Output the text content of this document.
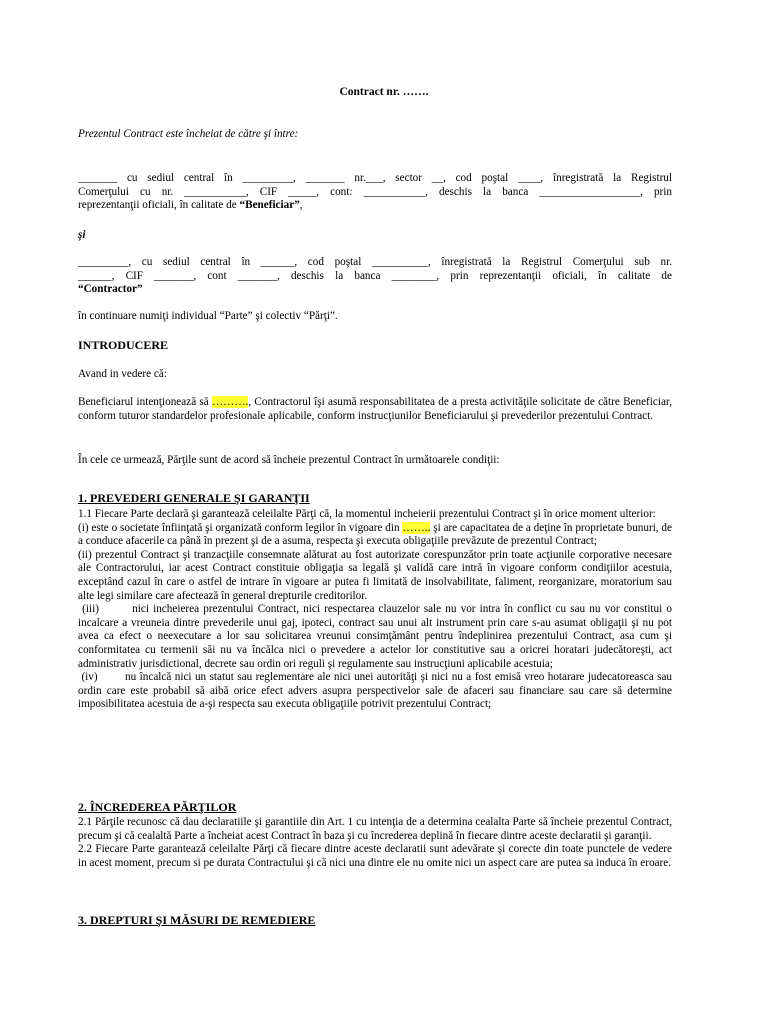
Contract nr. …….

Prezentul Contract este încheiat de către şi între:

_______ cu sediul central în _________, _______ nr.___, sector __, cod poştal ____, înregistrată la Registrul

Comerţului cu nr. ___________, CIF _____, cont: ___________, deschis la banca __________________, prin

reprezentanţii oficiali, în calitate de “Beneficiar”,

şi

_________, cu sediul central în ______, cod poştal __________, înregistrată la Registrul Comerţului sub nr.

______, CIF _______, cont _______, deschis la banca ________, prin reprezentanţii oficiali, în calitate de

“Contractor”

în continuare numiţi individual “Parte” şi colectiv “Părţi”.

INTRODUCERE

Avand in vedere că:

Beneficiarul intenţionează să ………., Contractorul îşi asumă responsabilitatea de a presta activităţile solicitate de către Beneficiar, conform tuturor standardelor profesionale aplicabile, conform instrucţiunilor Beneficiarului şi prevederilor prezentului Contract.

În cele ce urmează, Părţile sunt de acord să încheie prezentul Contract în următoarele condiţii:

1. PREVEDERI GENERALE ŞI GARANŢII

1.1 Fiecare Parte declară şi garantează celeilalte Părţi că, la momentul incheierii prezentului Contract şi în orice moment ulterior:

(i) este o societate înfiinţată şi organizată conform legilor în vigoare din …….. şi are capacitatea de a deţine în proprietate bunuri, de a conduce afacerile ca până în prezent şi de a asuma, respecta şi executa obligaţiile prevăzute de prezentul Contract;

(ii) prezentul Contract şi tranzacţiile consemnate alăturat au fost autorizate corespunzător prin toate acţiunile corporative necesare ale Contractorului, iar acest Contract constituie obligaţia sa legală şi validă care intră în vigoare conform condiţiilor acestuia, exceptând cazul în care o astfel de intrare în vigoare ar putea fi limitată de insolvabilitate, faliment, reorganizare, moratorium sau alte legi similare care afectează în general drepturile creditorilor.

(iii)        nici incheierea prezentului Contract, nici respectarea clauzelor sale nu vor intra în conflict cu sau nu vor constitui o incalcare a vreuneia dintre prevederile unui gaj, ipoteci, contract sau unui alt instrument prin care s-au asumat obligaţii şi nu pot avea ca efect o neexecutare a lor sau solicitarea vreunui consimţământ pentru îndeplinirea prezentului Contract, asa cum şi conformitatea cu termenii săi nu va încălca nici o prevedere a actelor lor constitutive sau a oricrei horatari judecătoreşti, act administrativ jurisdictional, decrete sau ordin ori reguli şi regulamente sau instrucţiuni aplicabile acestuia;

(iv)        nu încalcă nici un statut sau reglementare ale nici unei autorităţi şi nici nu a fost emisă vreo hotarare judecatoreasca sau ordin care este probabil să aibă orice efect advers asupra perspectivelor sale de afaceri sau financiare sau care să determine imposibilitatea acestuia de a-şi respecta sau executa obligaţiile potrivit prezentului Contract;

2. ÎNCREDEREA PĂRŢILOR

2.1 Părţile recunosc că dau declaratiile şi garantiile din Art. 1 cu intenţia de a determina cealalta Parte să încheie prezentul Contract, precum şi că cealaltă Parte a încheiat acest Contract în baza şi cu încrederea deplină în fiecare dintre aceste declaratii şi garanţii.

2.2 Fiecare Parte garantează celeilalte Părţi că fiecare dintre aceste declaratii sunt adevărate şi corecte din toate punctele de vedere in acest moment, precum si pe durata Contractului şi că nici una dintre ele nu omite nici un aspect care are putea sa induca în eroare.

3. DREPTURI ŞI MĂSURI DE REMEDIERE
